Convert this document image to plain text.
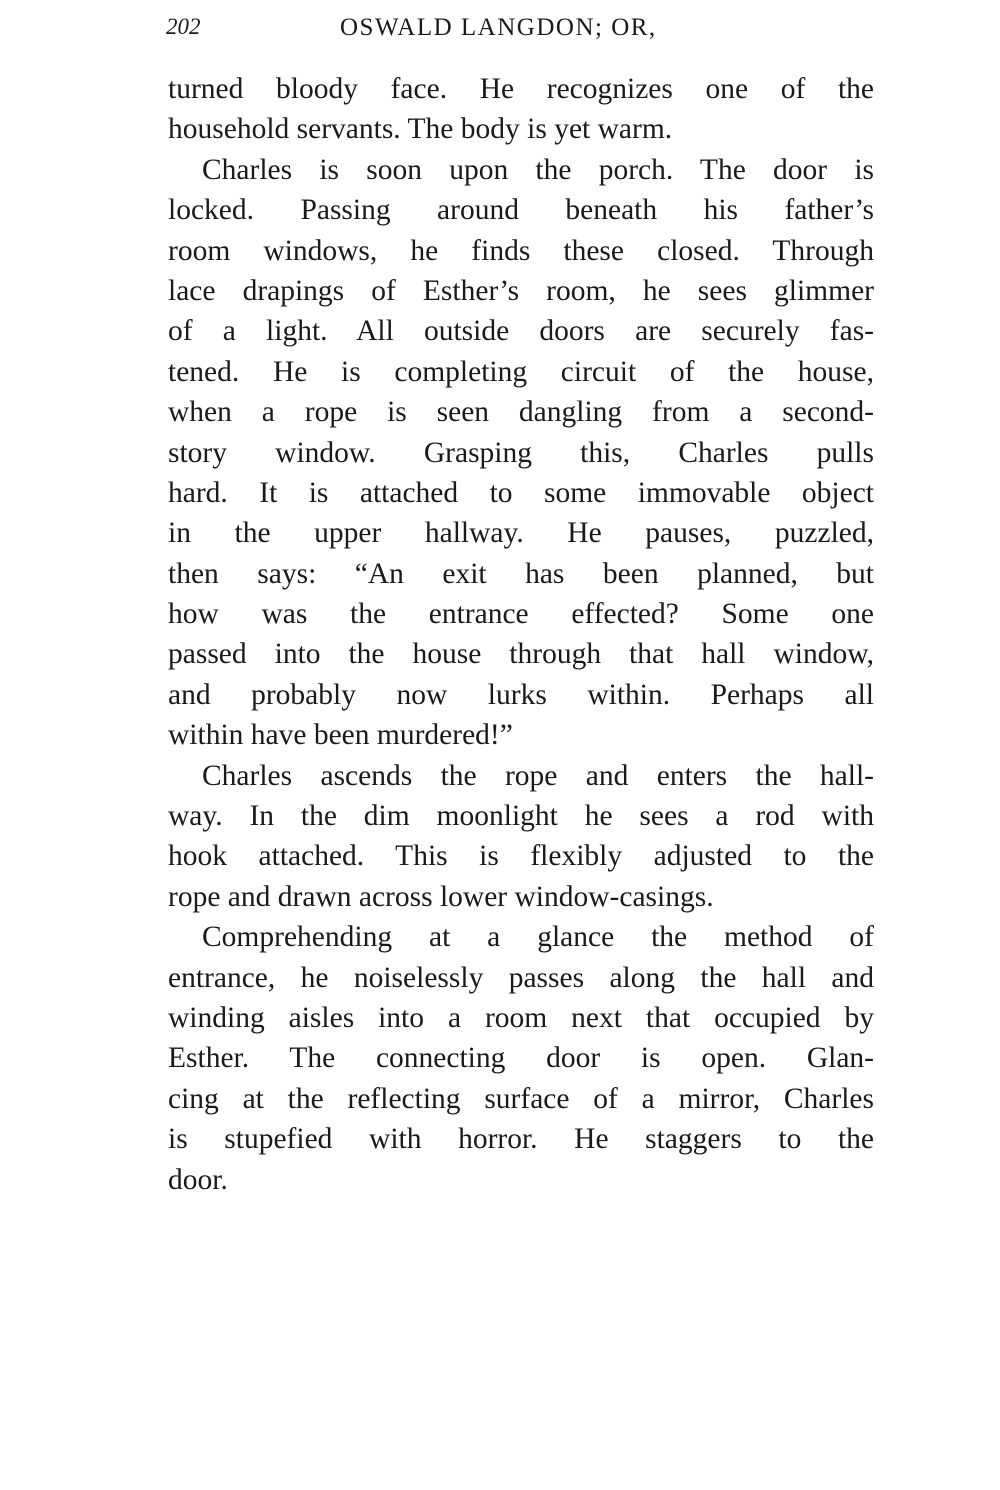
202	OSWALD LANGDON; OR,
turned bloody face. He recognizes one of the
household servants. The body is yet warm.
Charles is soon upon the porch. The door is
locked. Passing around beneath his father’s
room windows, he finds these closed. Through
lace drapings of Esther’s room, he sees glimmer
of a light. All outside doors are securely fas-
tened. He is completing circuit of the house,
when a rope is seen dangling from a second-
story window. Grasping this, Charles pulls
hard. It is attached to some immovable object
in the upper hallway. He pauses, puzzled,
then says: “An exit has been planned, but
how was the entrance effected? Some one
passed into the house through that hall window,
and probably now lurks within. Perhaps all
within have been murdered!”
Charles ascends the rope and enters the hall-
way. In the dim moonlight he sees a rod with
hook attached. This is flexibly adjusted to the
rope and drawn across lower window-casings.
Comprehending at a glance the method of
entrance, he noiselessly passes along the hall and
winding aisles into a room next that occupied by
Esther. The connecting door is open. Glan-
cing at the reflecting surface of a mirror, Charles
is stupefied with horror. He staggers to the
door.
